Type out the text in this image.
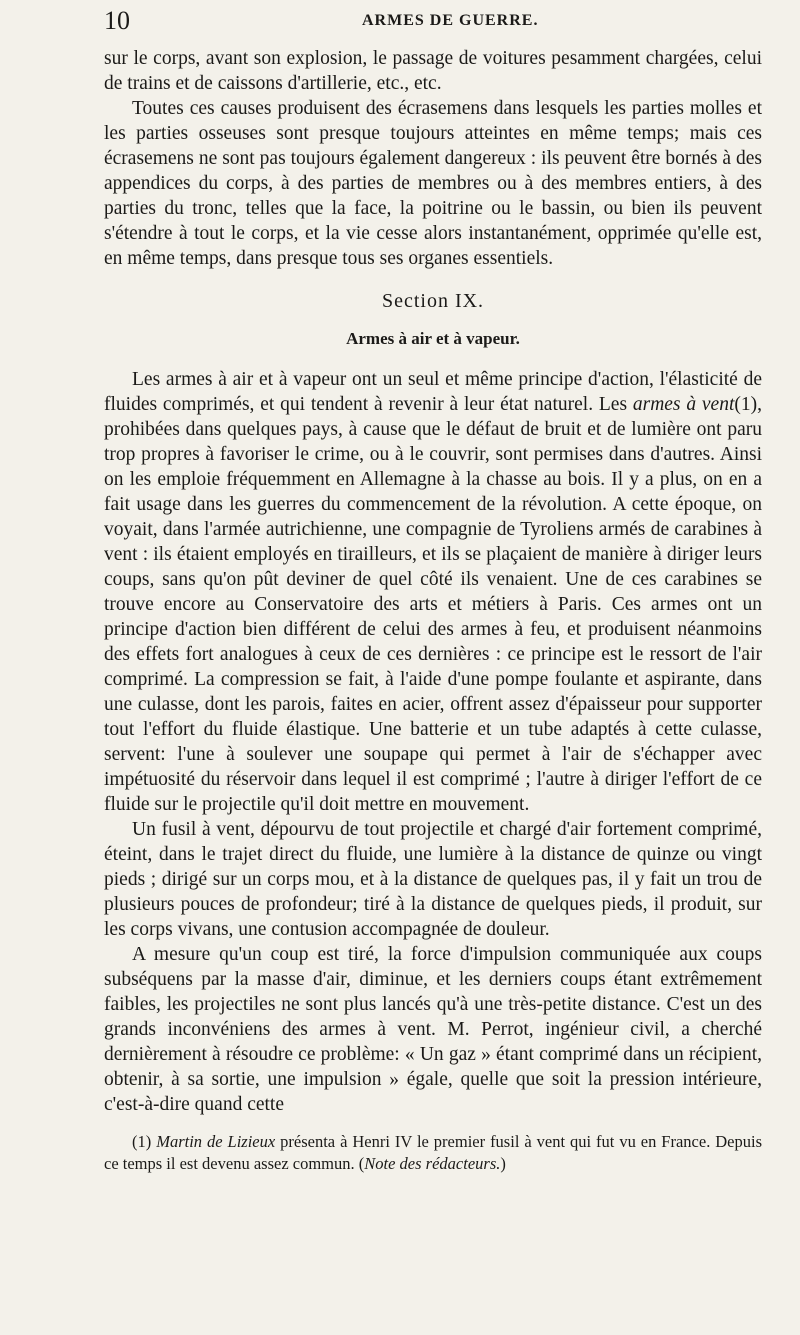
10	ARMES DE GUERRE.

sur le corps, avant son explosion, le passage de voitures pesamment chargées, celui de trains et de caissons d'artillerie, etc., etc.

Toutes ces causes produisent des écrasemens dans lesquels les parties molles et les parties osseuses sont presque toujours atteintes en même temps; mais ces écrasemens ne sont pas toujours également dangereux : ils peuvent être bornés à des appendices du corps, à des parties de membres ou à des membres entiers, à des parties du tronc, telles que la face, la poitrine ou le bassin, ou bien ils peuvent s'étendre à tout le corps, et la vie cesse alors instantanément, opprimée qu'elle est, en même temps, dans presque tous ses organes essentiels.

Section IX.
Armes à air et à vapeur.

Les armes à air et à vapeur ont un seul et même principe d'action, l'élasticité de fluides comprimés, et qui tendent à revenir à leur état naturel. Les armes à vent(1), prohibées dans quelques pays, à cause que le défaut de bruit et de lumière ont paru trop propres à favoriser le crime, ou à le couvrir, sont permises dans d'autres. Ainsi on les emploie fréquemment en Allemagne à la chasse au bois. Il y a plus, on en a fait usage dans les guerres du commencement de la révolution. A cette époque, on voyait, dans l'armée autrichienne, une compagnie de Tyroliens armés de carabines à vent : ils étaient employés en tirailleurs, et ils se plaçaient de manière à diriger leurs coups, sans qu'on pût deviner de quel côté ils venaient. Une de ces carabines se trouve encore au Conservatoire des arts et métiers à Paris. Ces armes ont un principe d'action bien différent de celui des armes à feu, et produisent néanmoins des effets fort analogues à ceux de ces dernières : ce principe est le ressort de l'air comprimé. La compression se fait, à l'aide d'une pompe foulante et aspirante, dans une culasse, dont les parois, faites en acier, offrent assez d'épaisseur pour supporter tout l'effort du fluide élastique. Une batterie et un tube adaptés à cette culasse, servent: l'une à soulever une soupape qui permet à l'air de s'échapper avec impétuosité du réservoir dans lequel il est comprimé ; l'autre à diriger l'effort de ce fluide sur le projectile qu'il doit mettre en mouvement.

Un fusil à vent, dépourvu de tout projectile et chargé d'air fortement comprimé, éteint, dans le trajet direct du fluide, une lumière à la distance de quinze ou vingt pieds ; dirigé sur un corps mou, et à la distance de quelques pas, il y fait un trou de plusieurs pouces de profondeur; tiré à la distance de quelques pieds, il produit, sur les corps vivans, une contusion accompagnée de douleur.

A mesure qu'un coup est tiré, la force d'impulsion communiquée aux coups subséquens par la masse d'air, diminue, et les derniers coups étant extrêmement faibles, les projectiles ne sont plus lancés qu'à une très-petite distance. C'est un des grands inconvéniens des armes à vent. M. Perrot, ingénieur civil, a cherché dernièrement à résoudre ce problème: « Un gaz » étant comprimé dans un récipient, obtenir, à sa sortie, une impulsion » égale, quelle que soit la pression intérieure, c'est-à-dire quand cette

(1) Martin de Lizieux présenta à Henri IV le premier fusil à vent qui fut vu en France. Depuis ce temps il est devenu assez commun. (Note des rédacteurs.)
